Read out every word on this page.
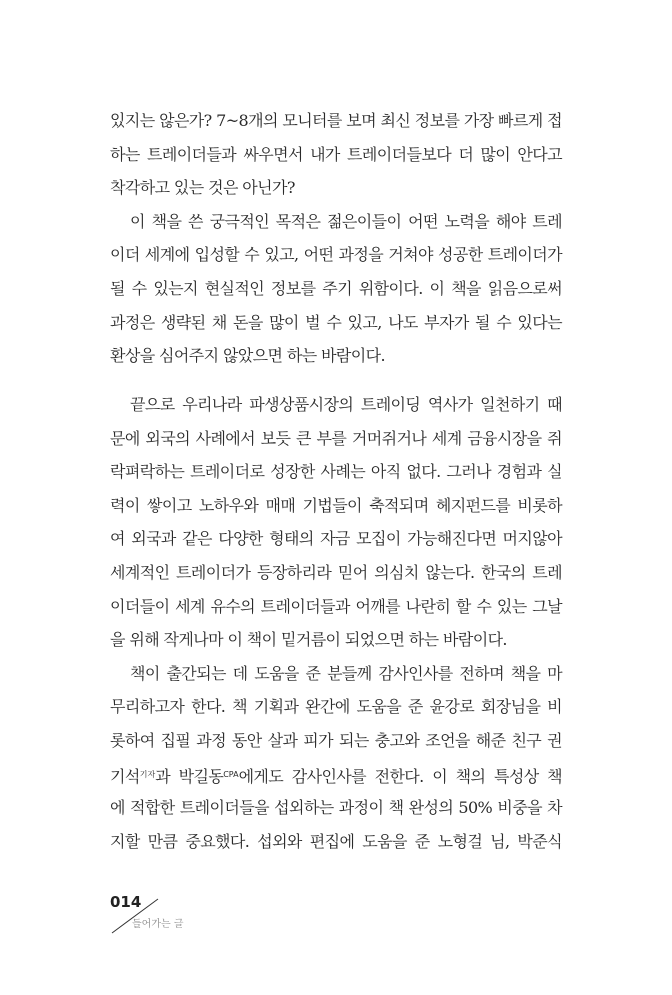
있지는 않은가? 7~8개의 모니터를 보며 최신 정보를 가장 빠르게 접
하는 트레이더들과 싸우면서 내가 트레이더들보다 더 많이 안다고
착각하고 있는 것은 아닌가?
이 책을 쓴 궁극적인 목적은 젊은이들이 어떤 노력을 해야 트레
이더 세계에 입성할 수 있고, 어떤 과정을 거쳐야 성공한 트레이더가
될 수 있는지 현실적인 정보를 주기 위함이다. 이 책을 읽음으로써
과정은 생략된 채 돈을 많이 벌 수 있고, 나도 부자가 될 수 있다는
환상을 심어주지 않았으면 하는 바람이다.
끝으로 우리나라 파생상품시장의 트레이딩 역사가 일천하기 때
문에 외국의 사례에서 보듯 큰 부를 거머쥐거나 세계 금융시장을 쥐
락펴락하는 트레이더로 성장한 사례는 아직 없다. 그러나 경험과 실
력이 쌓이고 노하우와 매매 기법들이 축적되며 헤지펀드를 비롯하
여 외국과 같은 다양한 형태의 자금 모집이 가능해진다면 머지않아
세계적인 트레이더가 등장하리라 믿어 의심치 않는다. 한국의 트레
이더들이 세계 유수의 트레이더들과 어깨를 나란히 할 수 있는 그날
을 위해 작게나마 이 책이 밑거름이 되었으면 하는 바람이다.
책이 출간되는 데 도움을 준 분들께 감사인사를 전하며 책을 마
무리하고자 한다. 책 기획과 완간에 도움을 준 윤강로 회장님을 비
롯하여 집필 과정 동안 살과 피가 되는 충고와 조언을 해준 친구 권
기석$^{기자}$과 박길동$^{CPA}$에게도 감사인사를 전한다. 이 책의 특성상 책
에 적합한 트레이더들을 섭외하는 과정이 책 완성의 50% 비중을 차
지할 만큼 중요했다. 섭외와 편집에 도움을 준 노형걸 님, 박준식
014
들어가는 글
